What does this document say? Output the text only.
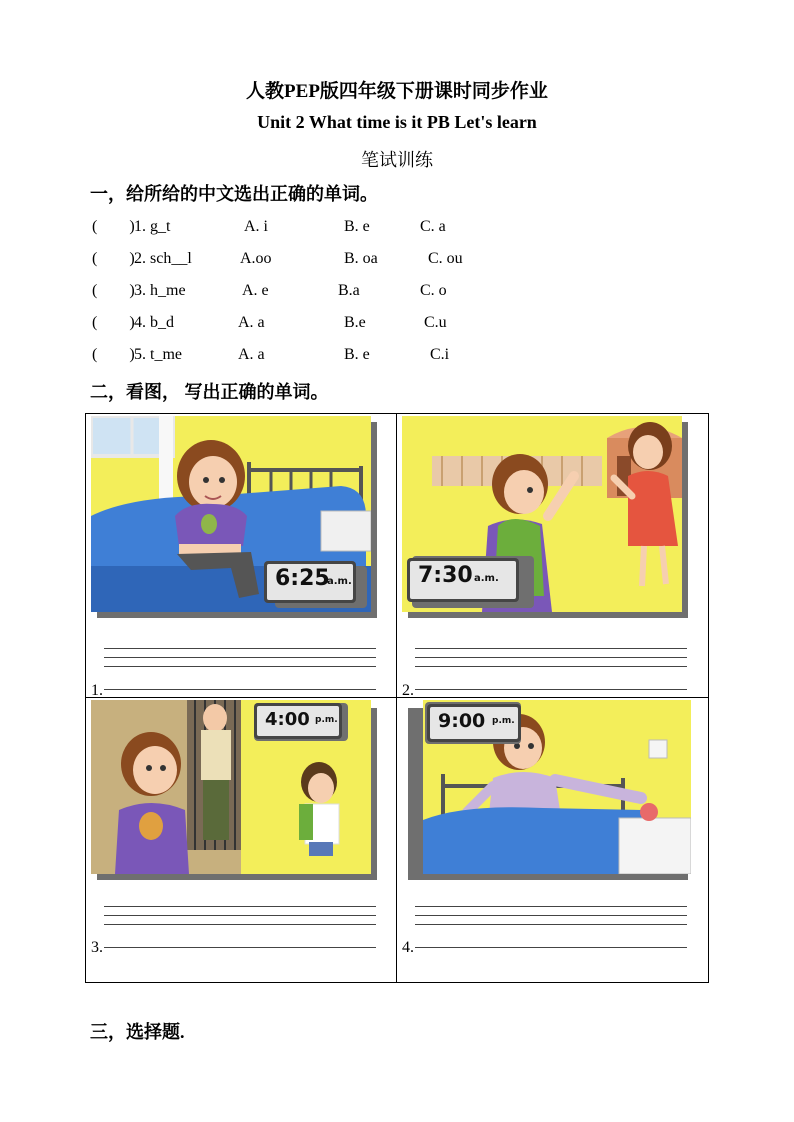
人教PEP版四年级下册课时同步作业
Unit 2 What time is it PB Let's learn
笔试训练
一，给所给的中文选出正确的单词。
(        ) 1. g_t	A. i	B. e	C. a
(        ) 2. sch__l	A.oo	B. oa	C. ou
(        ) 3. h_me	A. e	B.a	C. o
(        ) 4. b_d	A. a	B.e	C.u
(        ) 5. t_me	A. a	B. e	C.i
二，看图， 写出正确的单词。
6:25
a.m.
1.
7:30 a.m.
2.
4:00 p.m.
3.
9:00 p.m.
4.
三，选择题.
